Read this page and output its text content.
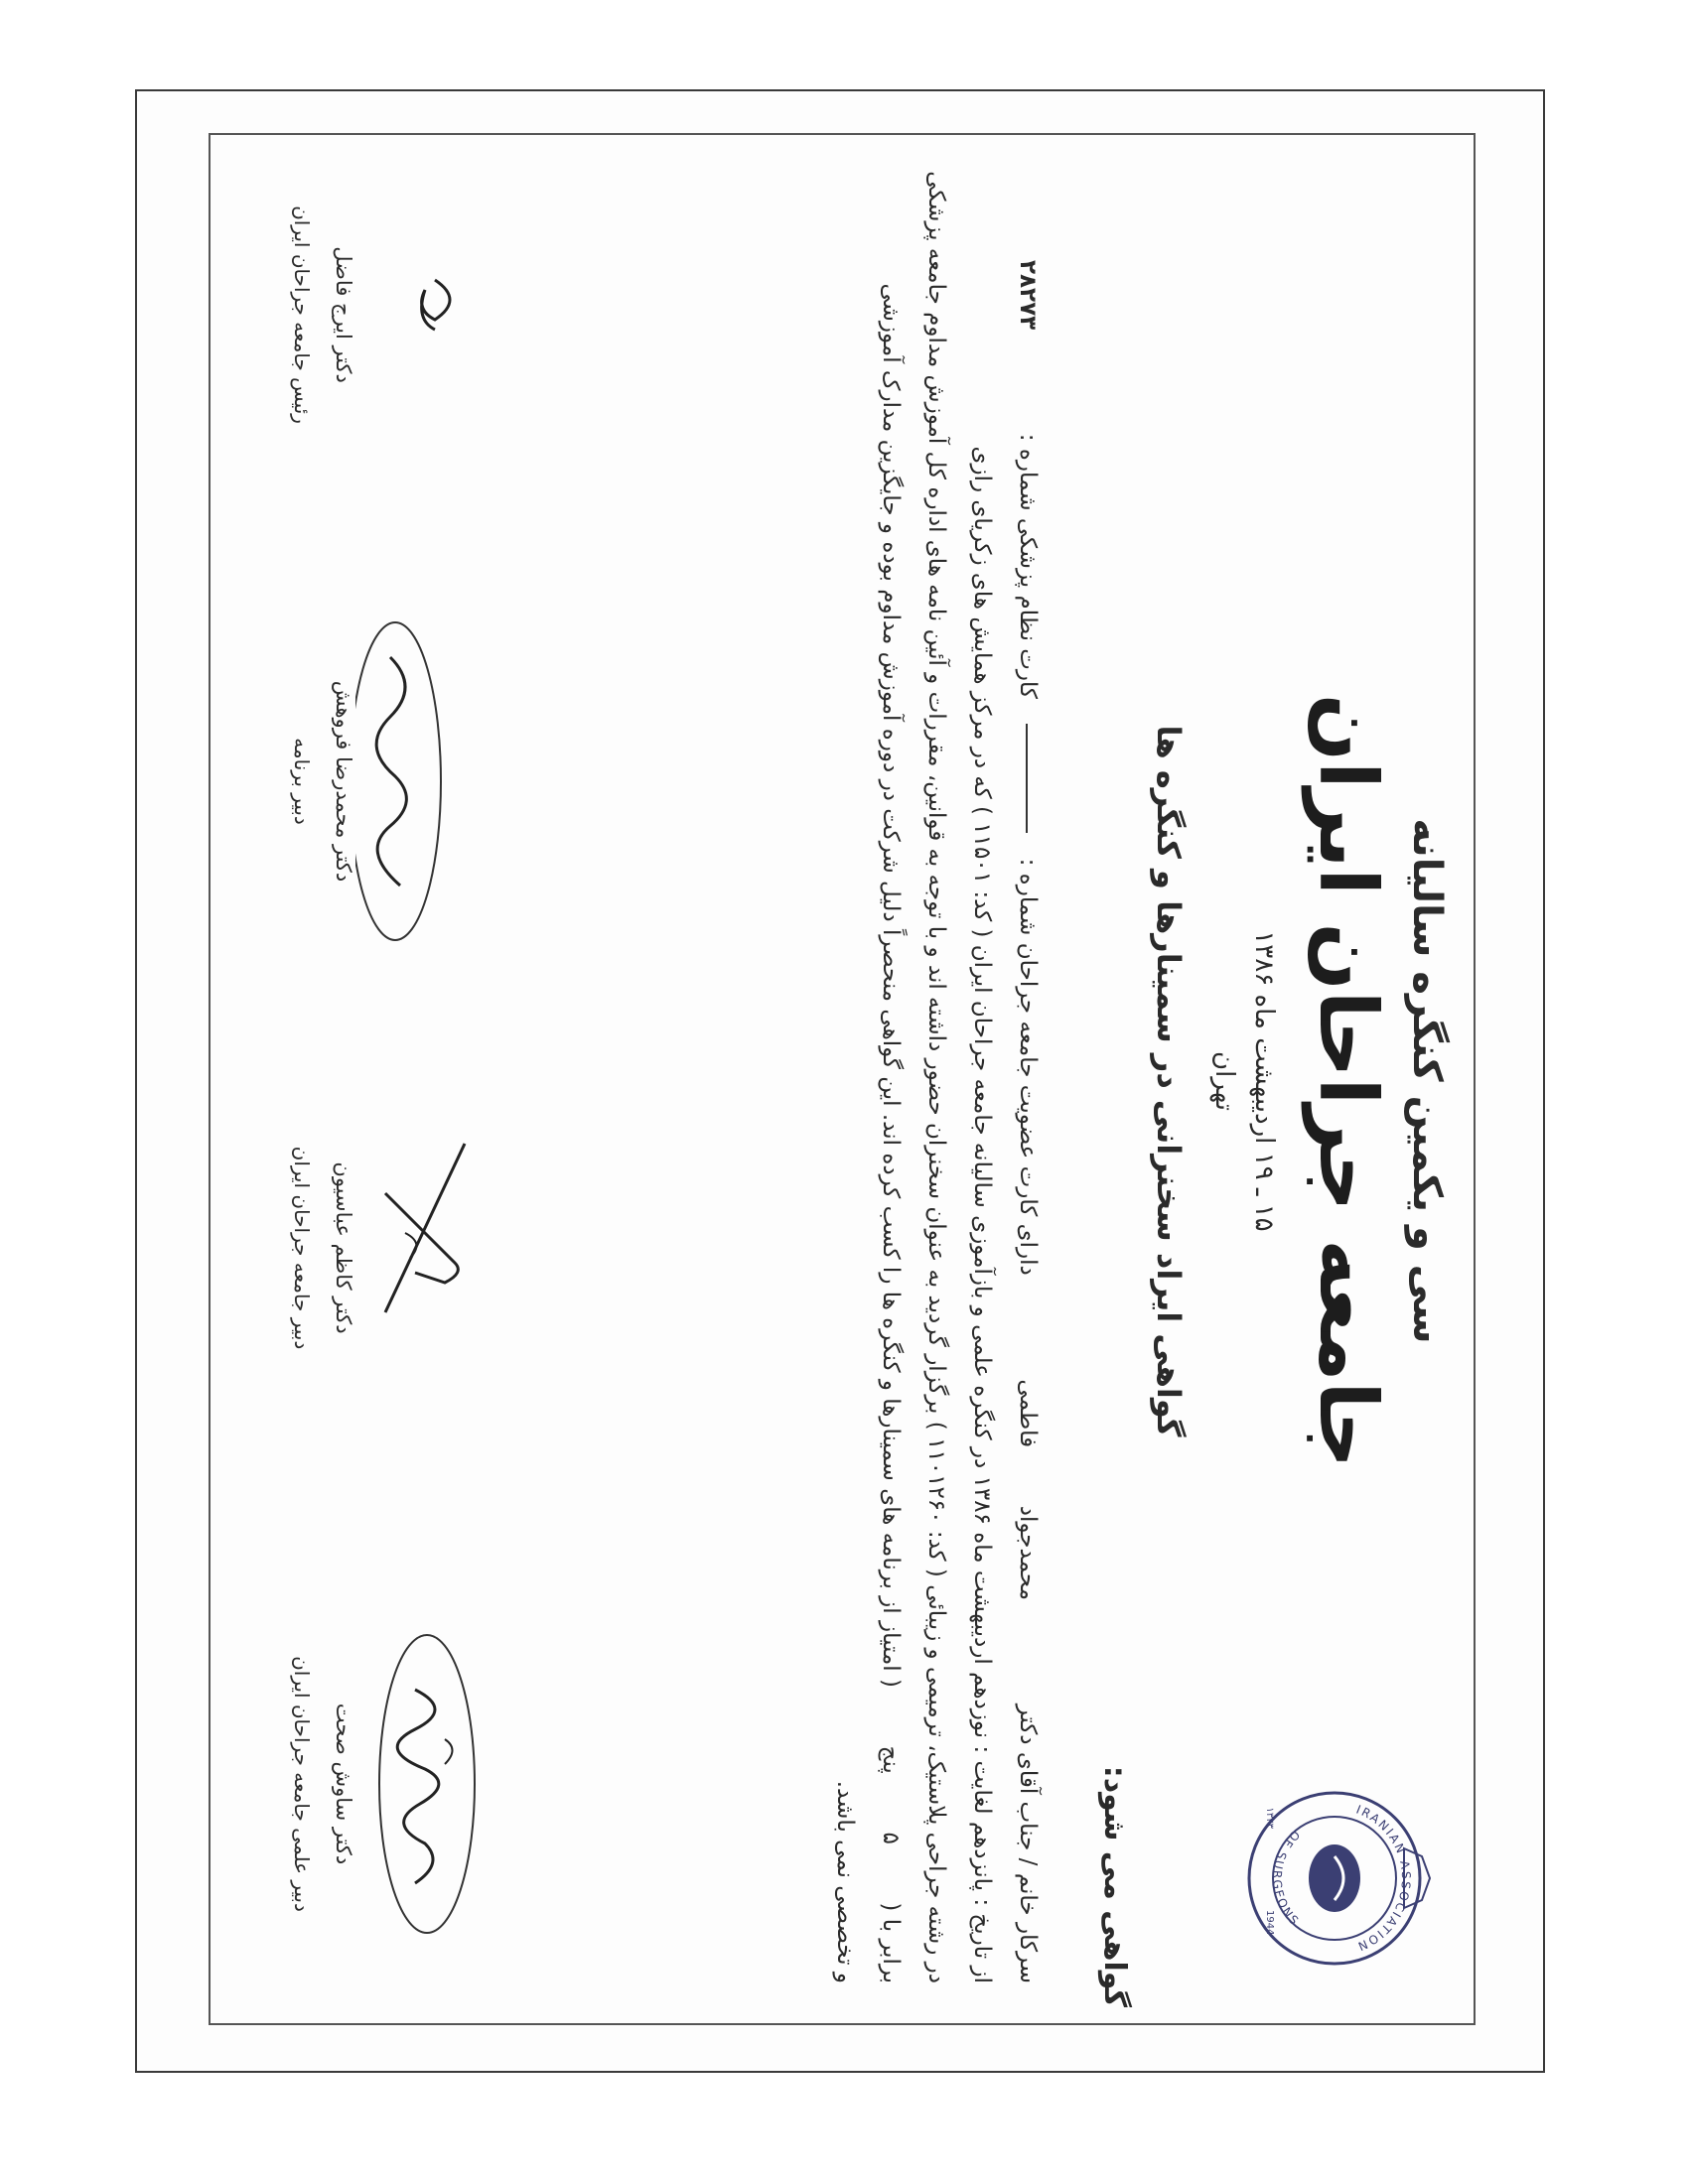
سی و یکمین کنگره سالیانه
جامعه جراحان ایران
۱۵ ـ ۱۹ اردیبهشت ماه ۱۳۸۶
تهران
گواهی ایراد سخنرانی در سمینارها و کنگره ها
IRANIAN ASSOCIATION
OF SURGEONS
۱۳۲۳
1944
گواهی می شود:
سرکار خانم / جناب آقای دکتر  محمدجواد  فاطمی  دارای کارت عضویت جامعه جراحان شماره :  کارت نظام پزشکی شماره :  ۲۸۲۷۳
از تاریخ : پانزدهم لغایت : نوزدهم اردیبهشت ماه ۱۳۸۶ در کنگره علمی و بازآموزی سالیانه جامعه جراحان ایران ( کد: ۱۱۵۰۱ ) که در مرکز همایش های زکریای رازی
در رشته جراحی پلاستیک، ترمیمی و زیبائی ( کد: ۱۱۰۱۲۶۰ ) برگزار گردید به عنوان سخنران حضور داشته اند و با توجه به قوانین، مقررات و آئین نامه های اداره کل آموزش مداوم جامعه پزشکی
برابر با (  ۵  پنج  ( امتیاز از برنامه های سمینارها و کنگره ها را کسب کرده اند. این گواهی منحصراً دلیل شرکت در دوره آموزش مداوم بوده و جایگزین مدارک آموزشی
و تخصصی نمی باشد.
دکتر ساوش صحت
دبیر علمی جامعه جراحان ایران
دکتر کاظم عباسیون
دبیر جامعه جراحان ایران
دکتر محمدرضا فروهش
دبیر برنامه
دکتر ایرج فاضل
رئیس جامعه جراحان ایران
